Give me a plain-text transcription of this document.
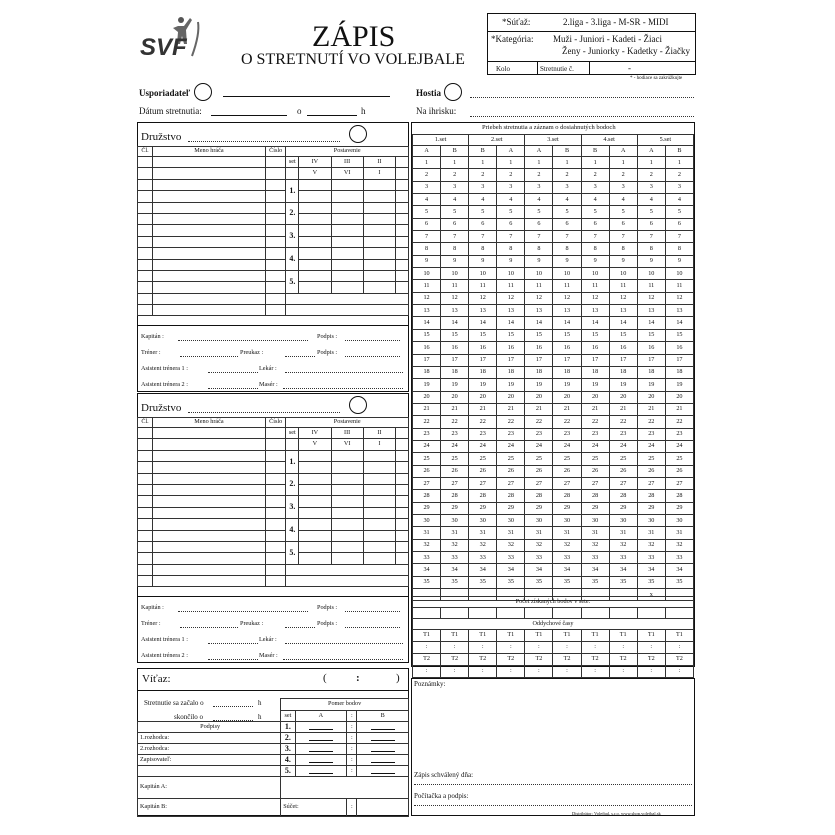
SVF	ZÁPIS
O STRETNUTÍ VO VOLEJBALE
*Súťaž:	2.liga - 3.liga - M-SR - MIDI
*Kategória: Muži - Juniori - Kadeti - Žiaci
Ženy - Juniorky - Kadetky - Žiačky
Kolo	Stretnutie č.	-
* - hodiace sa zakrúžkujte
Usporiadateľ	Hostia
Dátum stretnutia:	o	h	Na ihrisku:
Družstvo
Čl.	Meno hráča	Číslo	Postavenie				
			set	IV	III	II	
				V	VI	I	
			1.				

			2.				

			3.				

			4.				

			5.				

Kapitán :	Podpis :
Tréner :	Preukaz :	Podpis :
Asistent trénera 1 :	Lekár :
Asistent trénera 2 :	Masér :
Družstvo
Čl.	Meno hráča	Číslo	Postavenie				
			set	IV	III	II	
				V	VI	I	
			1.				

			2.				

			3.				

			4.				

			5.				

Kapitán :	Podpis :
Tréner :	Preukaz :	Podpis :
Asistent trénera 1 :	Lekár :
Asistent trénera 2 :	Masér :
Priebeh stretnutia a záznam o dosiahnutých bodoch
1.set		2.set		3.set		4.set		5.set	
A	B	B	A	A	B	B	A	A	B
1	1	1	1	1	1	1	1	1	1
2	2	2	2	2	2	2	2	2	2
3	3	3	3	3	3	3	3	3	3
4	4	4	4	4	4	4	4	4	4
5	5	5	5	5	5	5	5	5	5
6	6	6	6	6	6	6	6	6	6
7	7	7	7	7	7	7	7	7	7
8	8	8	8	8	8	8	8	8	8
9	9	9	9	9	9	9	9	9	9
10	10	10	10	10	10	10	10	10	10
11	11	11	11	11	11	11	11	11	11
12	12	12	12	12	12	12	12	12	12
13	13	13	13	13	13	13	13	13	13
14	14	14	14	14	14	14	14	14	14
15	15	15	15	15	15	15	15	15	15
16	16	16	16	16	16	16	16	16	16
17	17	17	17	17	17	17	17	17	17
18	18	18	18	18	18	18	18	18	18
19	19	19	19	19	19	19	19	19	19
20	20	20	20	20	20	20	20	20	20
21	21	21	21	21	21	21	21	21	21
22	22	22	22	22	22	22	22	22	22
23	23	23	23	23	23	23	23	23	23
24	24	24	24	24	24	24	24	24	24
25	25	25	25	25	25	25	25	25	25
26	26	26	26	26	26	26	26	26	26
27	27	27	27	27	27	27	27	27	27
28	28	28	28	28	28	28	28	28	28
29	29	29	29	29	29	29	29	29	29
30	30	30	30	30	30	30	30	30	30
31	31	31	31	31	31	31	31	31	31
32	32	32	32	32	32	32	32	32	32
33	33	33	33	33	33	33	33	33	33
34	34	34	34	34	34	34	34	34	34
35	35	35	35	35	35	35	35	35	35
								x	
Počet získaných bodov v sete:									

Oddychové časy									
T1	T1	T1	T1	T1	T1	T1	T1	T1	T1
:	:	:	:	:	:	:	:	:	:
T2	T2	T2	T2	T2	T2	T2	T2	T2	T2
:	:	:	:	:	:	:	:	:	:
Víťaz:	(	:	)
Stretnutie sa začalo o	h
skončilo o	h
	Pomer bodov			
	set	A	:	B
Podpisy	1.		:	

1.rozhodca:	2.		:	

2.rozhodca:	3.		:	

Zapisovateľ:	4.		:	

	5.		:	

Kapitán A:				
Kapitán B:	Súčet:		:	
Poznámky:
Zápis schválený dňa:
Počítačka a podpis:
Distribútor: Volejbal, s.r.o. www.shop.volejbal.sk
